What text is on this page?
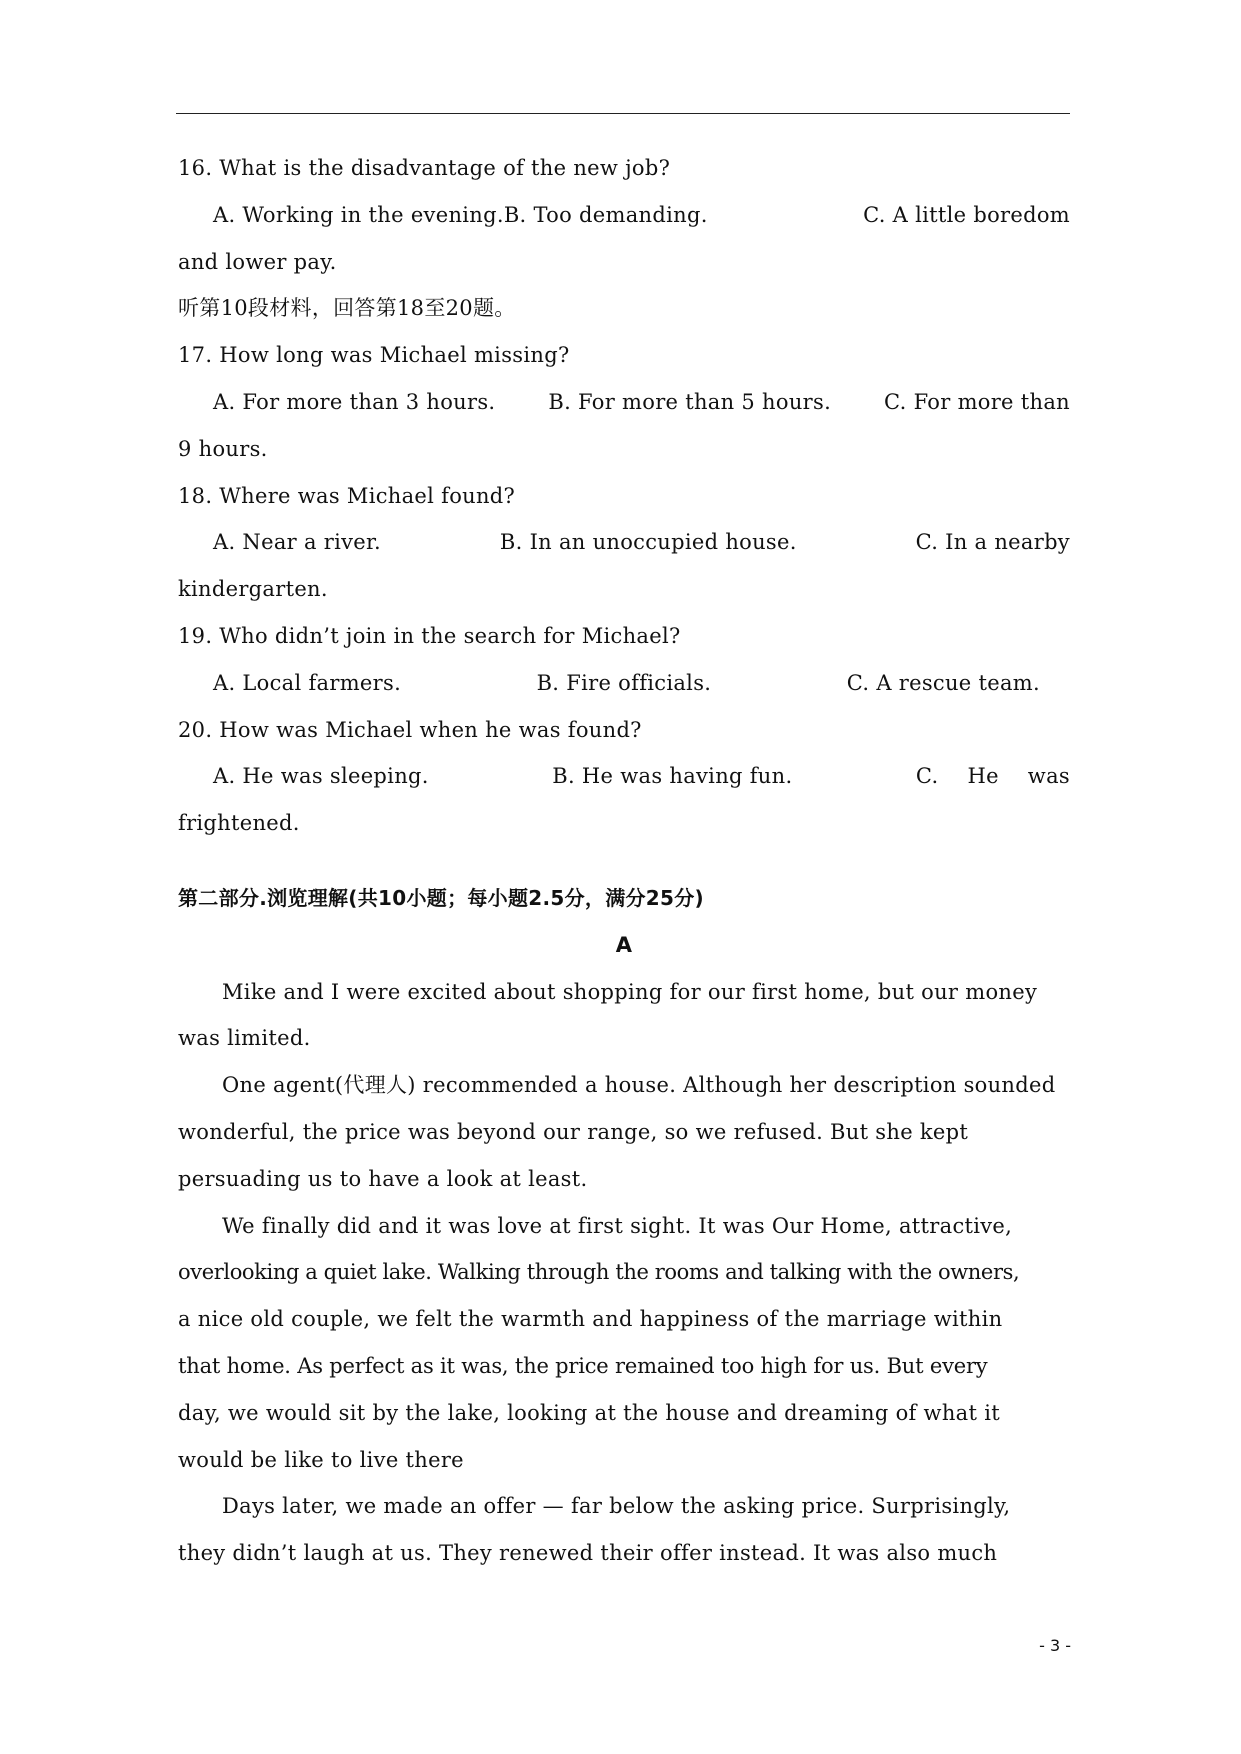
16. What is the disadvantage of the new job?
A. Working in the evening.B. Too demanding.	C. A little boredom
and lower pay.
听第10段材料，回答第18至20题。
17. How long was Michael missing?
A. For more than 3 hours.	B. For more than 5 hours.	C. For more than
9 hours.
18. Where was Michael found?
A. Near a river.	B. In an unoccupied house.	C. In a nearby
kindergarten.
19. Who didn’t join in the search for Michael?
A. Local farmers.	B. Fire officials.	C. A rescue team.
20. How was Michael when he was found?
A. He was sleeping.	B. He was having fun.	C. He was
frightened.
第二部分.浏览理解(共10小题；每小题2.5分，满分25分)
A
Mike and I were excited about shopping for our first home, but our money
was limited.
One agent(代理人) recommended a house. Although her description sounded
wonderful, the price was beyond our range, so we refused. But she kept
persuading us to have a look at least.
We finally did and it was love at first sight. It was Our Home, attractive,
overlooking a quiet lake. Walking through the rooms and talking with the owners,
a nice old couple, we felt the warmth and happiness of the marriage within
that home. As perfect as it was, the price remained too high for us. But every
day, we would sit by the lake, looking at the house and dreaming of what it
would be like to live there
Days later, we made an offer — far below the asking price. Surprisingly,
they didn’t laugh at us. They renewed their offer instead. It was also much
- 3 -
